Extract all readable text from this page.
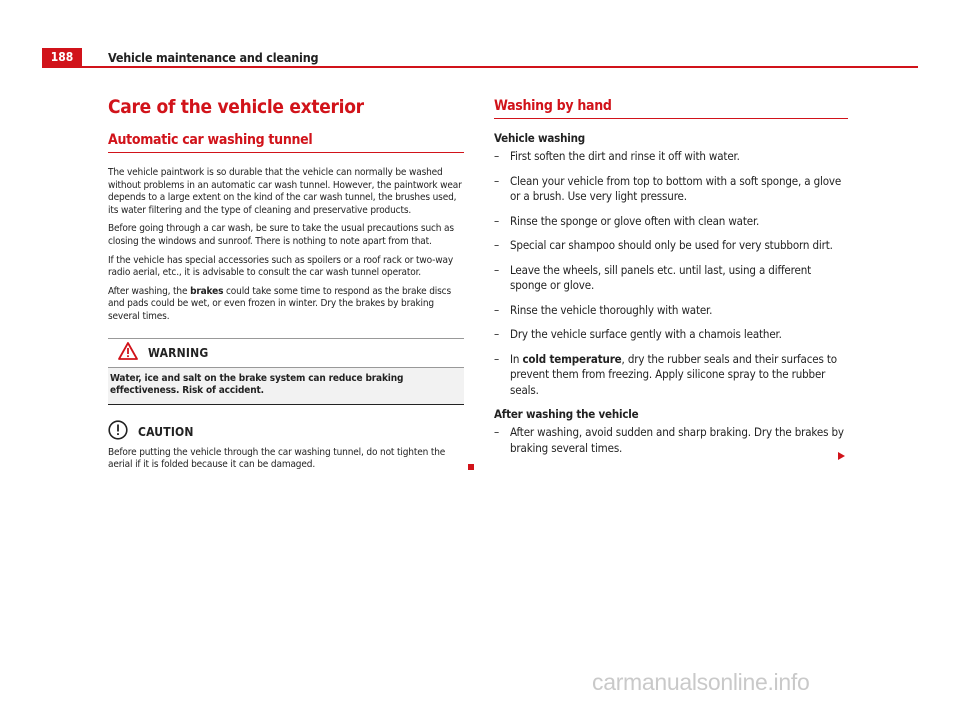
188	Vehicle maintenance and cleaning
Care of the vehicle exterior
Automatic car washing tunnel

The vehicle paintwork is so durable that the vehicle can normally be washed without problems in an automatic car wash tunnel. However, the paintwork wear depends to a large extent on the kind of the car wash tunnel, the brushes used, its water filtering and the type of cleaning and preservative products.

Before going through a car wash, be sure to take the usual precautions such as closing the windows and sunroof. There is nothing to note apart from that.

If the vehicle has special accessories such as spoilers or a roof rack or two-way radio aerial, etc., it is advisable to consult the car wash tunnel operator.

After washing, the brakes could take some time to respond as the brake discs and pads could be wet, or even frozen in winter. Dry the brakes by braking several times.

WARNING
Water, ice and salt on the brake system can reduce braking effectiveness. Risk of accident.
CAUTION
Before putting the vehicle through the car washing tunnel, do not tighten the aerial if it is folded because it can be damaged.
Washing by hand
Vehicle washing
– First soften the dirt and rinse it off with water.
– Clean your vehicle from top to bottom with a soft sponge, a glove or a brush. Use very light pressure.
– Rinse the sponge or glove often with clean water.
– Special car shampoo should only be used for very stubborn dirt.
– Leave the wheels, sill panels etc. until last, using a different sponge or glove.
– Rinse the vehicle thoroughly with water.
– Dry the vehicle surface gently with a chamois leather.
– In cold temperature, dry the rubber seals and their surfaces to prevent them from freezing. Apply silicone spray to the rubber seals.
After washing the vehicle
– After washing, avoid sudden and sharp braking. Dry the brakes by braking several times.
carmanualsonline.info
